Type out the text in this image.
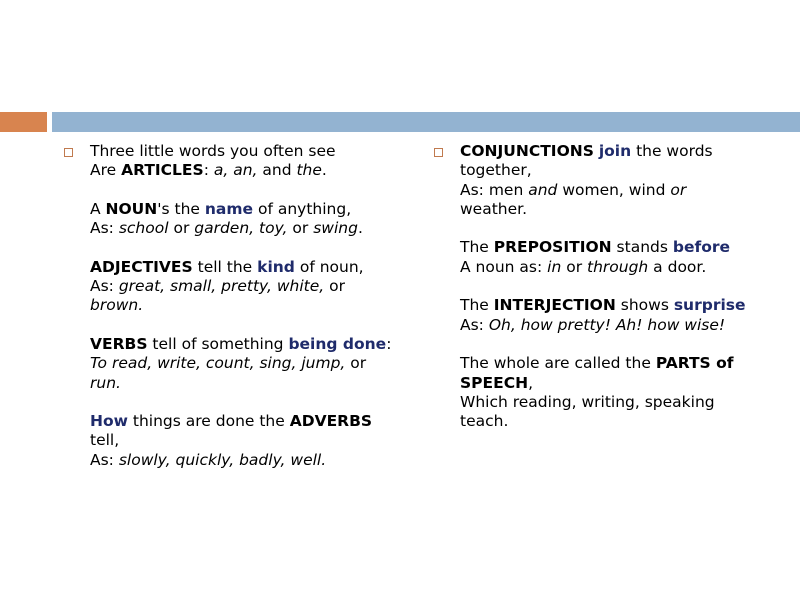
Three little words you often see
Are ARTICLES: a, an, and the.
A NOUN's the name of anything,
As: school or garden, toy, or swing.
ADJECTIVES tell the kind of noun,
As: great, small, pretty, white, or
brown.
VERBS tell of something being done:
To read, write, count, sing, jump, or
run.
How things are done the ADVERBS
tell,
As: slowly, quickly, badly, well.
CONJUNCTIONS join the words
together,
As: men and women, wind or
weather.
The PREPOSITION stands before
A noun as: in or through a door.
The INTERJECTION shows surprise
As: Oh, how pretty! Ah! how wise!
The whole are called the PARTS of
SPEECH,
Which reading, writing, speaking
teach.
